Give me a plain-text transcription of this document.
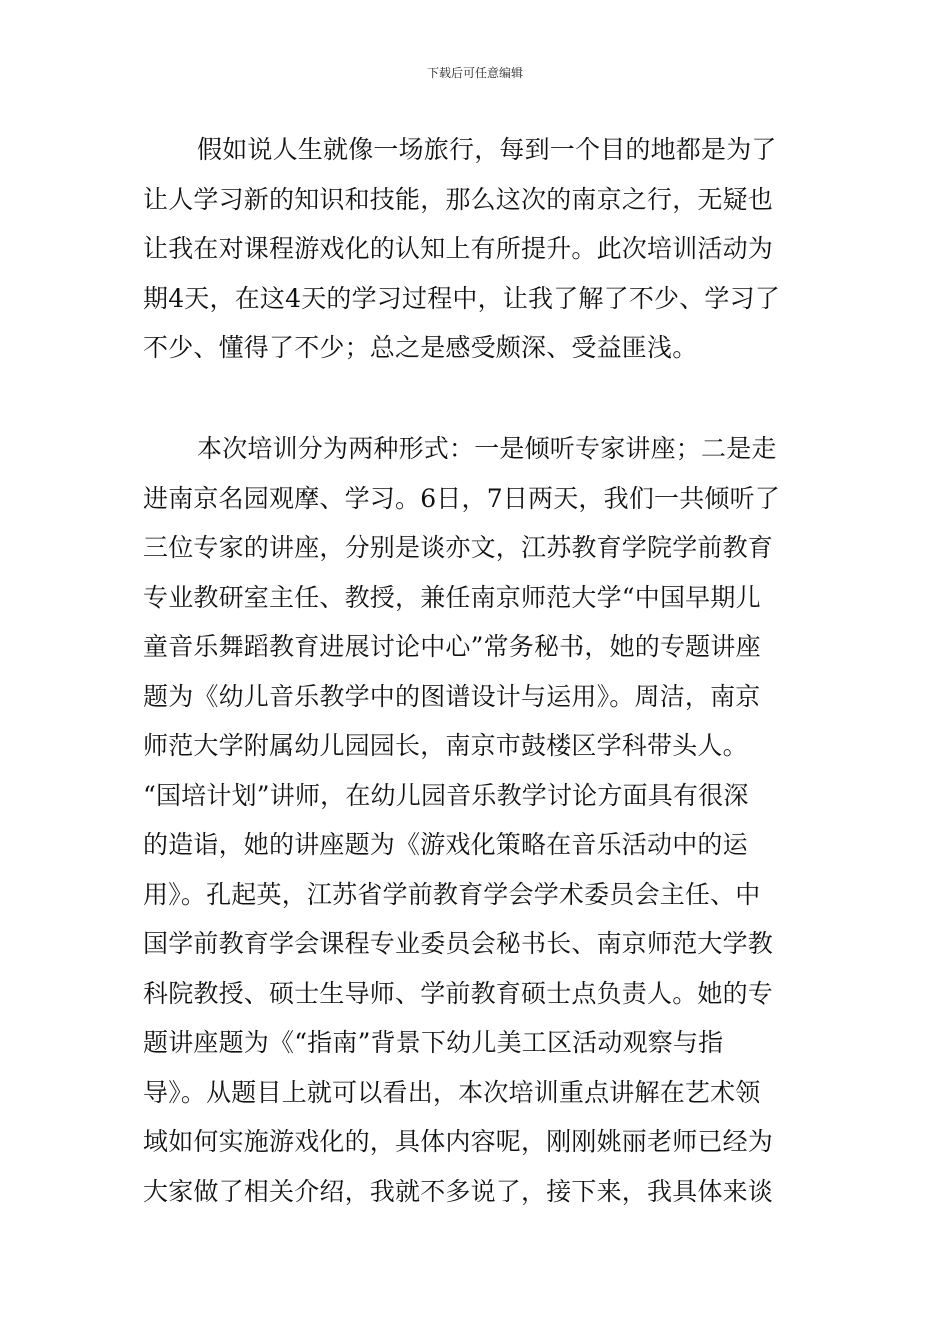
下载后可任意编辑
假如说人生就像一场旅行，每到一个目的地都是为了
让人学习新的知识和技能，那么这次的南京之行，无疑也
让我在对课程游戏化的认知上有所提升。此次培训活动为
期4天，在这4天的学习过程中，让我了解了不少、学习了
不少、懂得了不少；总之是感受颇深、受益匪浅。
本次培训分为两种形式：一是倾听专家讲座；二是走
进南京名园观摩、学习。6日，7日两天，我们一共倾听了
三位专家的讲座，分别是谈亦文，江苏教育学院学前教育
专业教研室主任、教授，兼任南京师范大学“中国早期儿
童音乐舞蹈教育进展讨论中心”常务秘书，她的专题讲座
题为《幼儿音乐教学中的图谱设计与运用》。周洁，南京
师范大学附属幼儿园园长，南京市鼓楼区学科带头人。
“国培计划”讲师，在幼儿园音乐教学讨论方面具有很深
的造诣，她的讲座题为《游戏化策略在音乐活动中的运
用》。孔起英，江苏省学前教育学会学术委员会主任、中
国学前教育学会课程专业委员会秘书长、南京师范大学教
科院教授、硕士生导师、学前教育硕士点负责人。她的专
题讲座题为《“指南”背景下幼儿美工区活动观察与指
导》。从题目上就可以看出，本次培训重点讲解在艺术领
域如何实施游戏化的，具体内容呢，刚刚姚丽老师已经为
大家做了相关介绍，我就不多说了，接下来，我具体来谈
